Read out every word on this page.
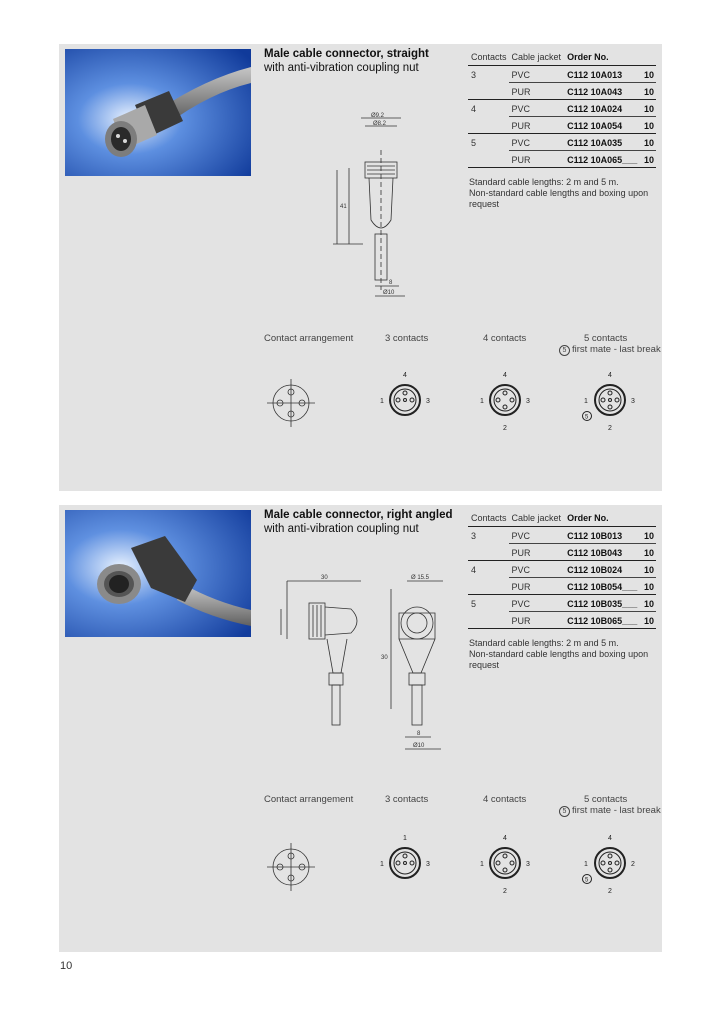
Male cable connector, straight
with anti-vibration coupling nut
Ø9.2
Ø8.2
41
8
Ø10
Contacts	Cable jacket	Order No.	
3	PVC	C112 10A013	10
	PUR	C112 10A043	10
4	PVC	C112 10A024	10
	PUR	C112 10A054	10
5	PVC	C112 10A035	10
	PUR	C112 10A065___	10
Standard cable lengths: 2 m and 5 m.
Non-standard cable lengths and boxing upon request
Contact arrangement	3 contacts	4 contacts	5 contacts
5 first mate - last break
4
1	3
4
1	3
2
4
1	3
2
5
Male cable connector, right angled
with anti-vibration coupling nut
30	Ø 15.5
30
8
Ø10
Contacts	Cable jacket	Order No.	
3	PVC	C112 10B013	10
	PUR	C112 10B043	10
4	PVC	C112 10B024	10
	PUR	C112 10B054___	10
5	PVC	C112 10B035___	10
	PUR	C112 10B065___	10
Standard cable lengths: 2 m and 5 m.
Non-standard cable lengths and boxing upon request
Contact arrangement	3 contacts	4 contacts	5 contacts
5 first mate - last break
1
1	3
4
1	3
2
4
1	2
2
5
10
